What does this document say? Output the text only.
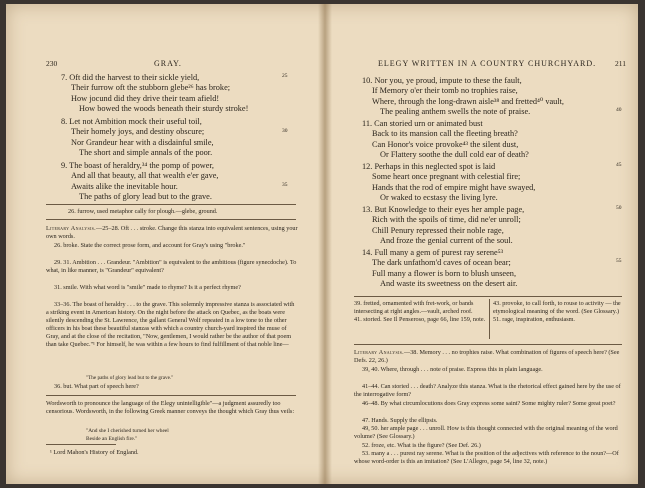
230	GRAY.
7. Oft did the harvest to their sickle yield,
Their furrow oft the stubborn glebe²⁶ has broke;
How jocund did they drive their team afield!
How bowed the woods beneath their sturdy stroke!
25
8. Let not Ambition mock their useful toil,
Their homely joys, and destiny obscure;
Nor Grandeur hear with a disdainful smile,
The short and simple annals of the poor.
30
9. The boast of heraldry,³⁴ the pomp of power,
And all that beauty, all that wealth e'er gave,
Awaits alike the inevitable hour.
The paths of glory lead but to the grave.
35
26. furrow, used metaphor cally for plough.—glebe, ground.
Literary Analysis.—25–28. Oft . . . stroke. Change this stanza into equivalent sentences, using your own words.
26. broke. State the correct prose form, and account for Gray's using "broke."
29. 31. Ambition . . . Grandeur. "Ambition" is equivalent to the ambitious (figure synecdoche). To what, in like manner, is "Grandeur" equivalent?
31. smile. With what word is "smile" made to rhyme? Is it a perfect rhyme?
33–36. The boast of heraldry . . . to the grave. This solemnly impressive stanza is associated with a striking event in American history. On the night before the attack on Quebec, as the boats were silently descending the St. Lawrence, the gallant General Wolf repeated in a low tone to the other officers in his boat these beautiful stanzas with which a country church-yard inspired the muse of Gray, and at the close of the recitation, "Now, gentlemen, I would rather be the author of that poem than take Quebec."¹ For himself, he was within a few hours to find fulfillment of that noble line—
"The paths of glory lead but to the grave."
36. but. What part of speech here?
Wordsworth to pronounce the language of the Elegy unintelligible"—a judgment assuredly too censorious. Wordsworth, in the following Greek manner conveys the thought which Gray thus veils:
"And she I cherished turned her wheel
Beside an English fire."
¹ Lord Mahon's History of England.
ELEGY WRITTEN IN A COUNTRY CHURCHYARD.	211
10. Nor you, ye proud, impute to these the fault,
If Memory o'er their tomb no trophies raise,
Where, through the long-drawn aisle³⁸ and fretted⁴⁰ vault,
The pealing anthem swells the note of praise.	40
11. Can storied urn or animated bust
Back to its mansion call the fleeting breath?
Can Honor's voice provoke⁴³ the silent dust,
Or Flattery soothe the dull cold ear of death?
12. Perhaps in this neglected spot is laid
Some heart once pregnant with celestial fire;
Hands that the rod of empire might have swayed,
Or waked to ecstasy the living lyre.
45
13. But Knowledge to their eyes her ample page,
Rich with the spoils of time, did ne'er unroll;
Chill Penury repressed their noble rage,
And froze the genial current of the soul.
50
14. Full many a gem of purest ray serene⁵³
The dark unfathom'd caves of ocean bear;
Full many a flower is born to blush unseen,
And waste its sweetness on the desert air.
55
39. fretted, ornamented with fret-work, or bands intersecting at right angles.—vault, arched roof.
41. storied. See Il Penseroso, page 66, line 159, note.
43. provoke, to call forth, to rouse to activity — the etymological meaning of the word. (See Glossary.)
51. rage, inspiration, enthusiasm.
Literary Analysis.—38. Memory . . . no trophies raise. What combination of figures of speech here? (See Defs. 22, 26.)
39, 40. Where, through . . . note of praise. Express this in plain language.
41–44. Can storied . . . death? Analyze this stanza. What is the rhetorical effect gained here by the use of the interrogative form?
46–48. By what circumlocutions does Gray express some saint? Some mighty ruler? Some great poet?
47. Hands. Supply the ellipsis.
49, 50. her ample page . . . unroll. How is this thought connected with the original meaning of the word volume? (See Glossary.)
52. froze, etc. What is the figure? (See Def. 26.)
53. many a . . . purest ray serene. What is the position of the adjectives with reference to the noun?—Of whose word-order is this an imitation? (See L'Allegro, page 54, line 32, note.)
